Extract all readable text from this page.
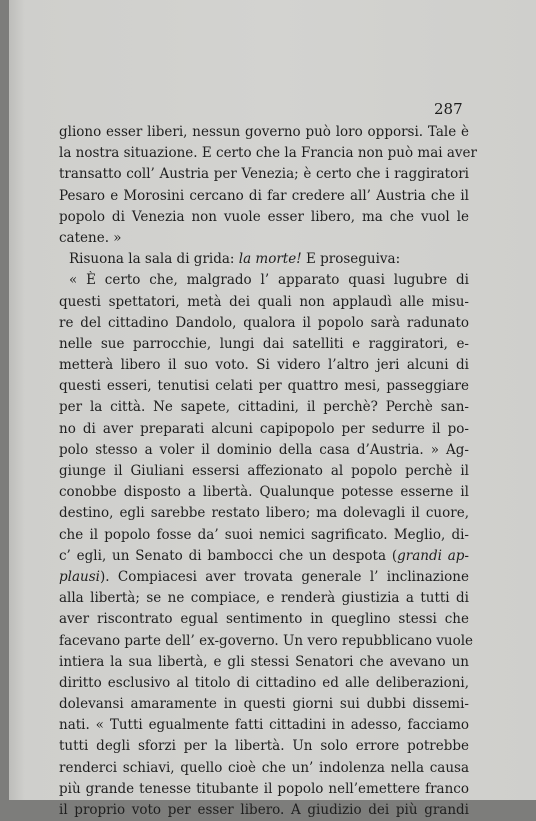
287
gliono esser liberi, nessun governo può loro opporsi. Tale è
la nostra situazione. E certo che la Francia non può mai aver
transatto coll’ Austria per Venezia; è certo che i raggiratori
Pesaro e Morosini cercano di far credere all’ Austria che il
popolo di Venezia non vuole esser libero, ma che vuol le
catene. »
Risuona la sala di grida: la morte! E proseguiva:
« È certo che, malgrado l’ apparato quasi lugubre di
questi spettatori, metà dei quali non applaudì alle misu-
re del cittadino Dandolo, qualora il popolo sarà radunato
nelle sue parrocchie, lungi dai satelliti e raggiratori, e-
metterà libero il suo voto. Si videro l’altro jeri alcuni di
questi esseri, tenutisi celati per quattro mesi, passeggiare
per la città. Ne sapete, cittadini, il perchè? Perchè san-
no di aver preparati alcuni capipopolo per sedurre il po-
polo stesso a voler il dominio della casa d’Austria. » Ag-
giunge il Giuliani essersi affezionato al popolo perchè il
conobbe disposto a libertà. Qualunque potesse esserne il
destino, egli sarebbe restato libero; ma dolevagli il cuore,
che il popolo fosse da’ suoi nemici sagrificato. Meglio, di-
c’ egli, un Senato di bambocci che un despota (grandi ap-
plausi). Compiacesi aver trovata generale l’ inclinazione
alla libertà; se ne compiace, e renderà giustizia a tutti di
aver riscontrato egual sentimento in queglino stessi che
facevano parte dell’ ex-governo. Un vero repubblicano vuole
intiera la sua libertà, e gli stessi Senatori che avevano un
diritto esclusivo al titolo di cittadino ed alle deliberazioni,
dolevansi amaramente in questi giorni sui dubbi dissemi-
nati. « Tutti egualmente fatti cittadini in adesso, facciamo
tutti degli sforzi per la libertà. Un solo errore potrebbe
renderci schiavi, quello cioè che un’ indolenza nella causa
più grande tenesse titubante il popolo nell’emettere franco
il proprio voto per esser libero. A giudizio dei più grandi
